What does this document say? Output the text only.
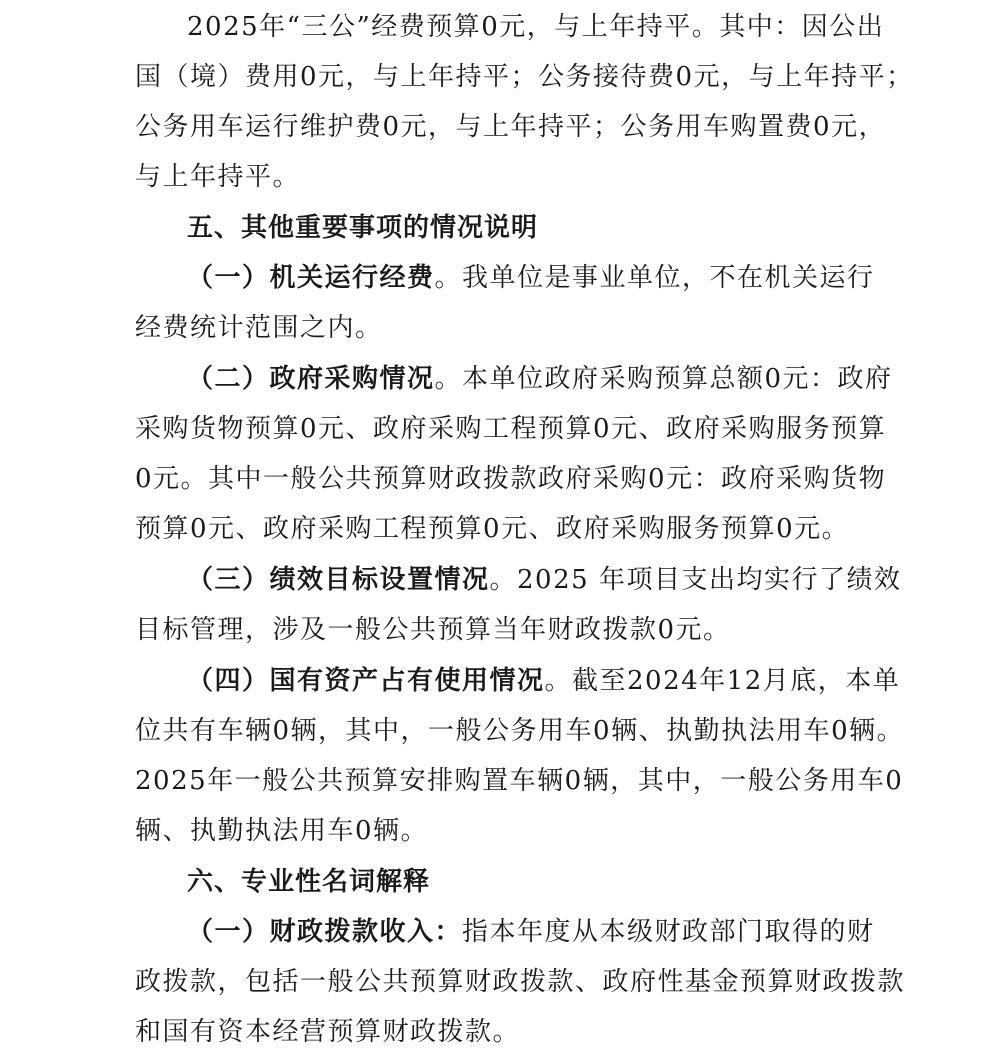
2025年“三公”经费预算0元，与上年持平。其中：因公出
国（境）费用0元，与上年持平；公务接待费0元，与上年持平；
公务用车运行维护费0元，与上年持平；公务用车购置费0元，
与上年持平。
五、其他重要事项的情况说明
（一）机关运行经费。我单位是事业单位，不在机关运行
经费统计范围之内。
（二）政府采购情况。本单位政府采购预算总额0元：政府
采购货物预算0元、政府采购工程预算0元、政府采购服务预算
0元。其中一般公共预算财政拨款政府采购0元：政府采购货物
预算0元、政府采购工程预算0元、政府采购服务预算0元。
（三）绩效目标设置情况。2025 年项目支出均实行了绩效
目标管理，涉及一般公共预算当年财政拨款0元。
（四）国有资产占有使用情况。截至2024年12月底，本单
位共有车辆0辆，其中，一般公务用车0辆、执勤执法用车0辆。
2025年一般公共预算安排购置车辆0辆，其中，一般公务用车0
辆、执勤执法用车0辆。
六、专业性名词解释
（一）财政拨款收入：指本年度从本级财政部门取得的财
政拨款，包括一般公共预算财政拨款、政府性基金预算财政拨款
和国有资本经营预算财政拨款。
